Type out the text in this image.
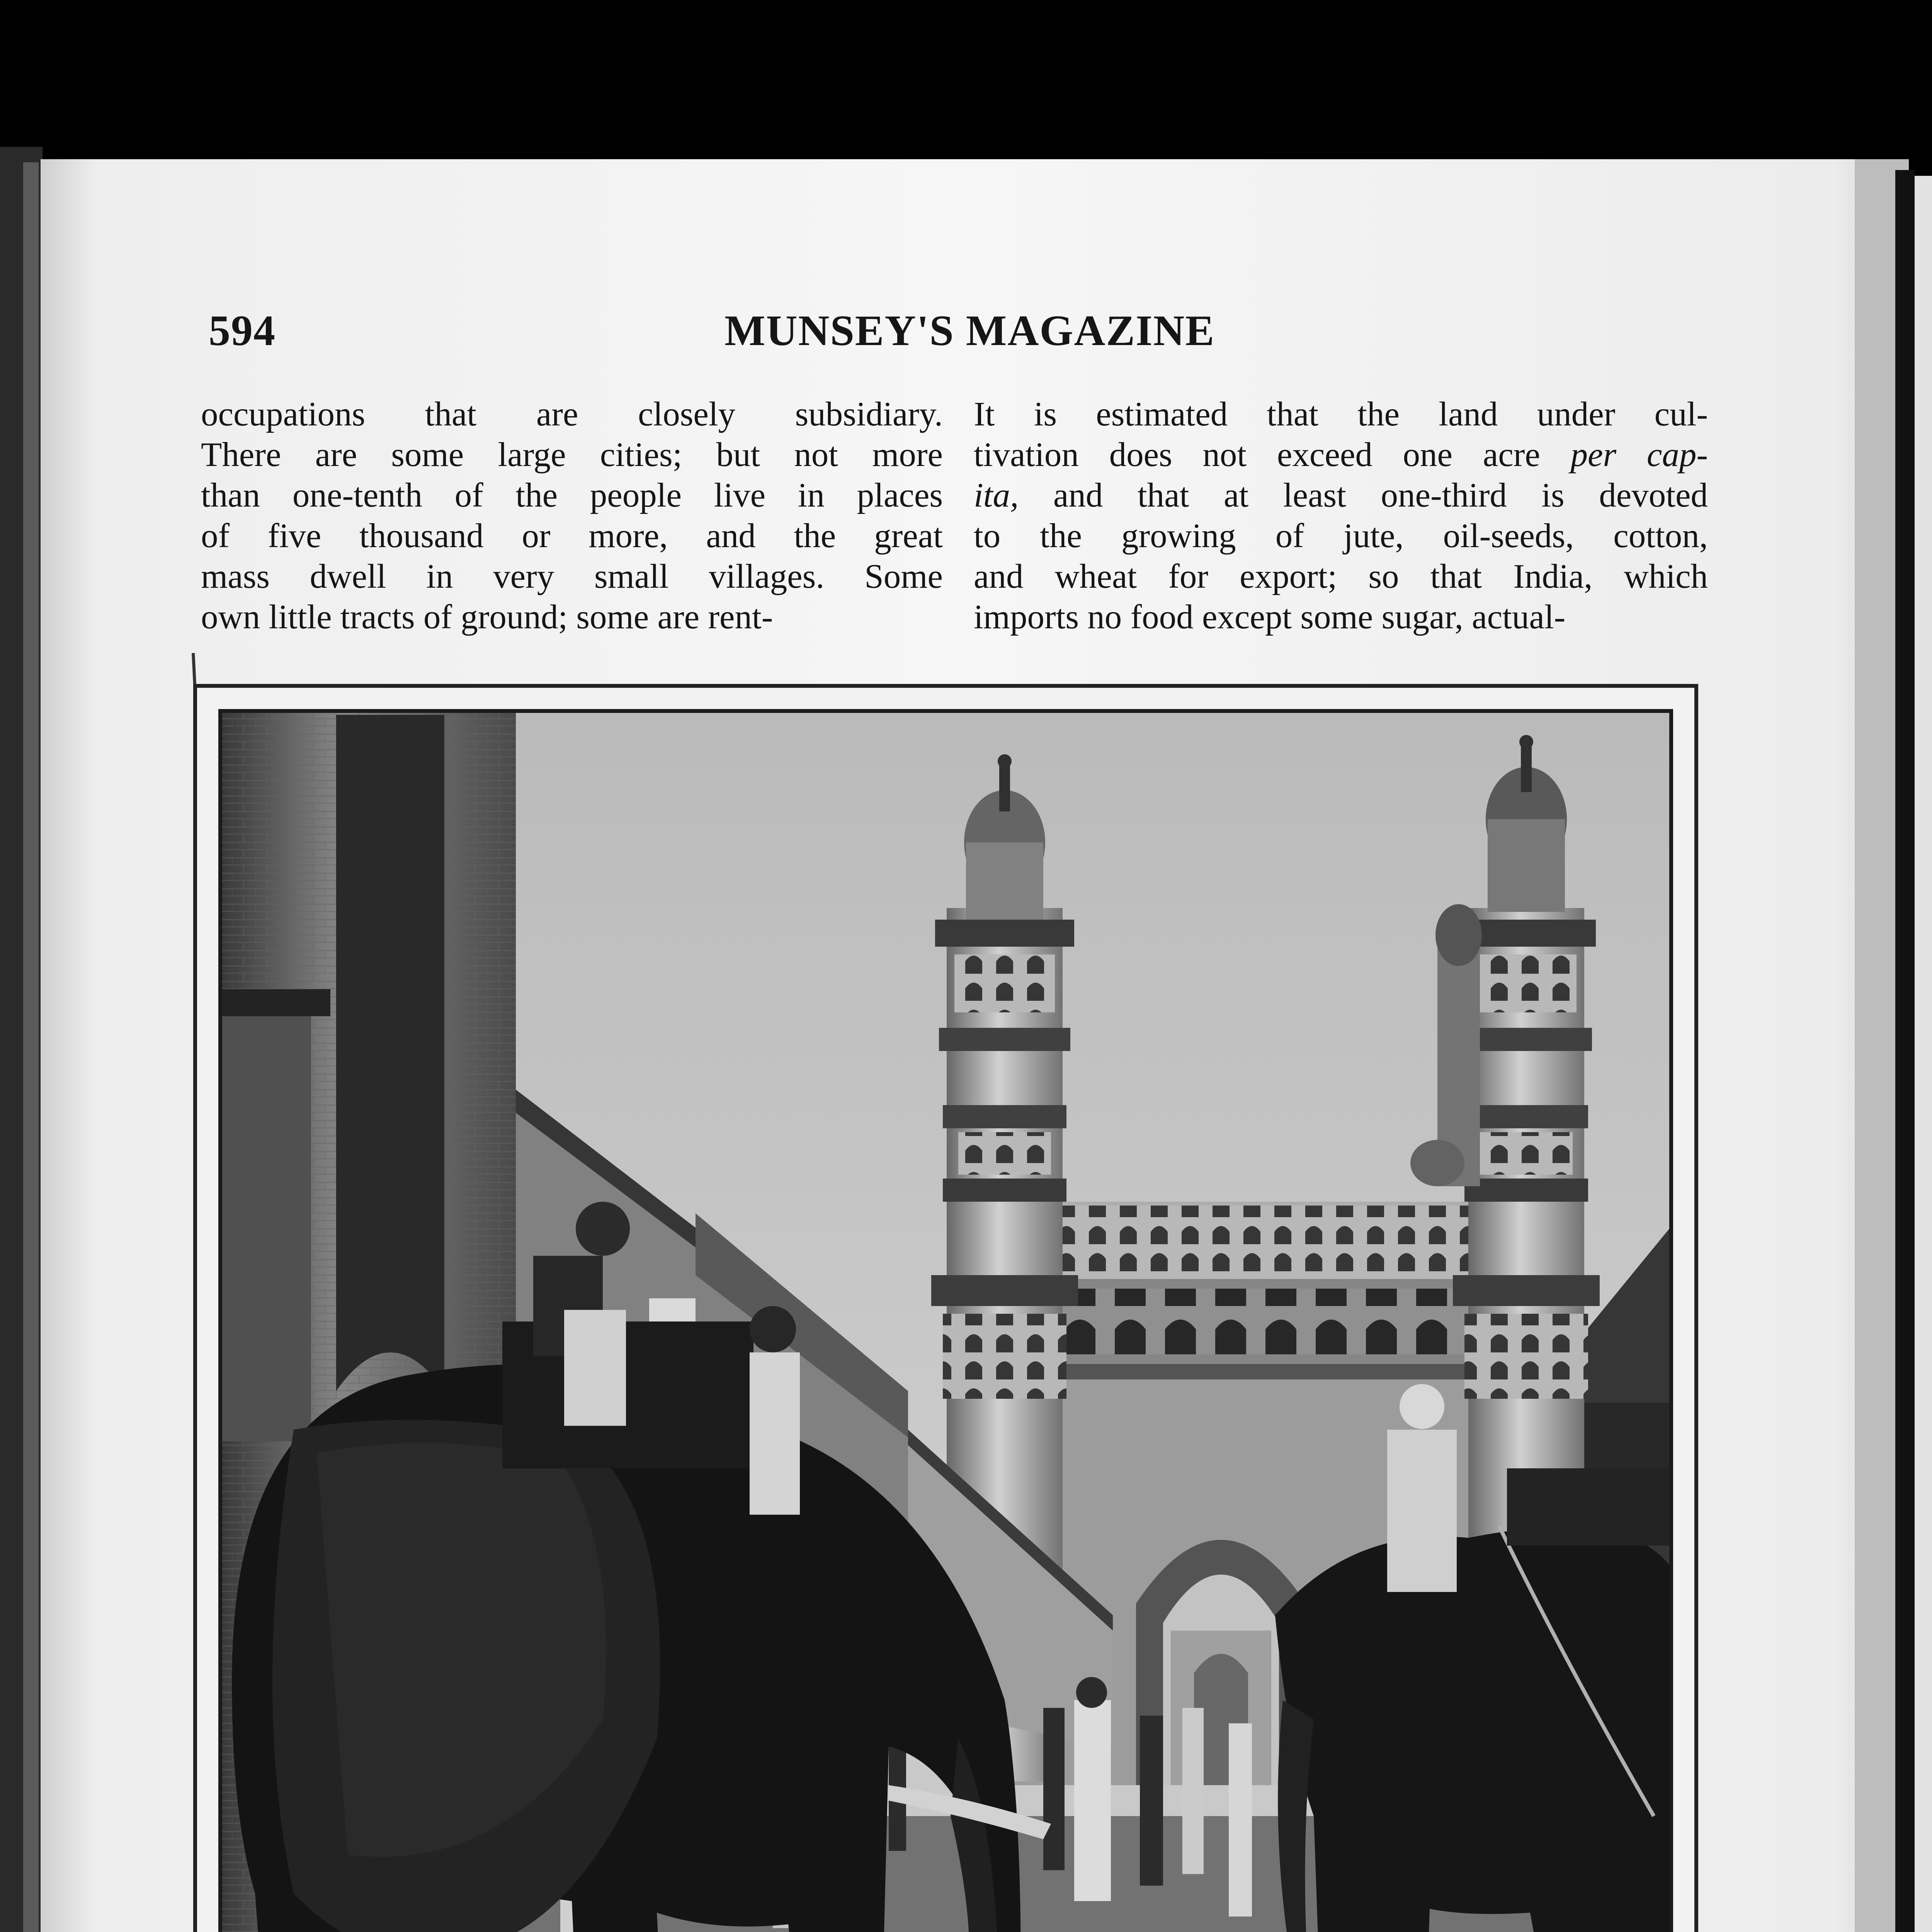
594	MUNSEY'S MAGAZINE
occupations that are closely subsidiary.
There are some large cities; but not more
than one-tenth of the people live in places
of five thousand or more, and the great
mass dwell in very small villages. Some
own little tracts of ground; some are rent-
It is estimated that the land under cul-
tivation does not exceed one acre per cap-
ita, and that at least one-third is devoted
to the growing of jute, oil-seeds, cotton,
and wheat for export; so that India, which
imports no food except some sugar, actual-
